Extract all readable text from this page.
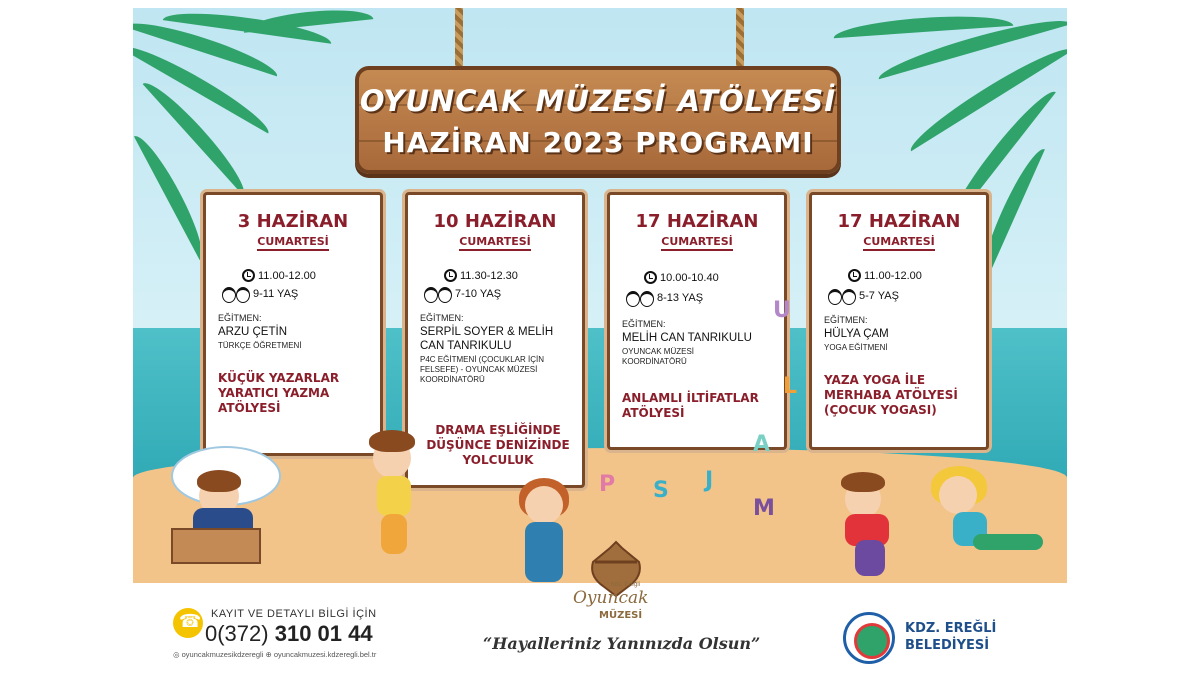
OYUNCAK MÜZESİ ATÖLYESİ
HAZİRAN 2023 PROGRAMI
3 HAZİRAN
CUMARTESİ
11.00-12.00
9-11 YAŞ
EĞİTMEN:
ARZU ÇETİN
TÜRKÇE ÖĞRETMENİ
KÜÇÜK YAZARLAR YARATICI YAZMA ATÖLYESİ
10 HAZİRAN
CUMARTESİ
11.30-12.30
7-10 YAŞ
EĞİTMEN:
SERPİL SOYER & MELİH CAN TANRIKULU
P4C EĞİTMENİ (ÇOCUKLAR İÇİN FELSEFE) - OYUNCAK MÜZESİ KOORDİNATÖRÜ
DRAMA EŞLİĞİNDE DÜŞÜNCE DENİZİNDE YOLCULUK
17 HAZİRAN
CUMARTESİ
10.00-10.40
8-13 YAŞ
EĞİTMEN:
MELİH CAN TANRIKULU
OYUNCAK MÜZESİ KOORDİNATÖRÜ
ANLAMLI İLTİFATLAR ATÖLYESİ
17 HAZİRAN
CUMARTESİ
11.00-12.00
5-7 YAŞ
EĞİTMEN:
HÜLYA ÇAM
YOGA EĞİTMENİ
YAZA YOGA İLE MERHABA ATÖLYESİ (ÇOCUK YOGASI)
U
L
A
J
S
P
M
☎
KAYIT VE DETAYLI BİLGİ İÇİN
0(372) 310 01 44
◎ oyuncakmuzesikdzeregli ⊕ oyuncakmuzesi.kdzeregli.bel.tr
Kdz. Ereğli
Oyuncak
MÜZESİ
“Hayalleriniz Yanınızda Olsun”
KDZ. EREĞLİ
BELEDİYESİ
